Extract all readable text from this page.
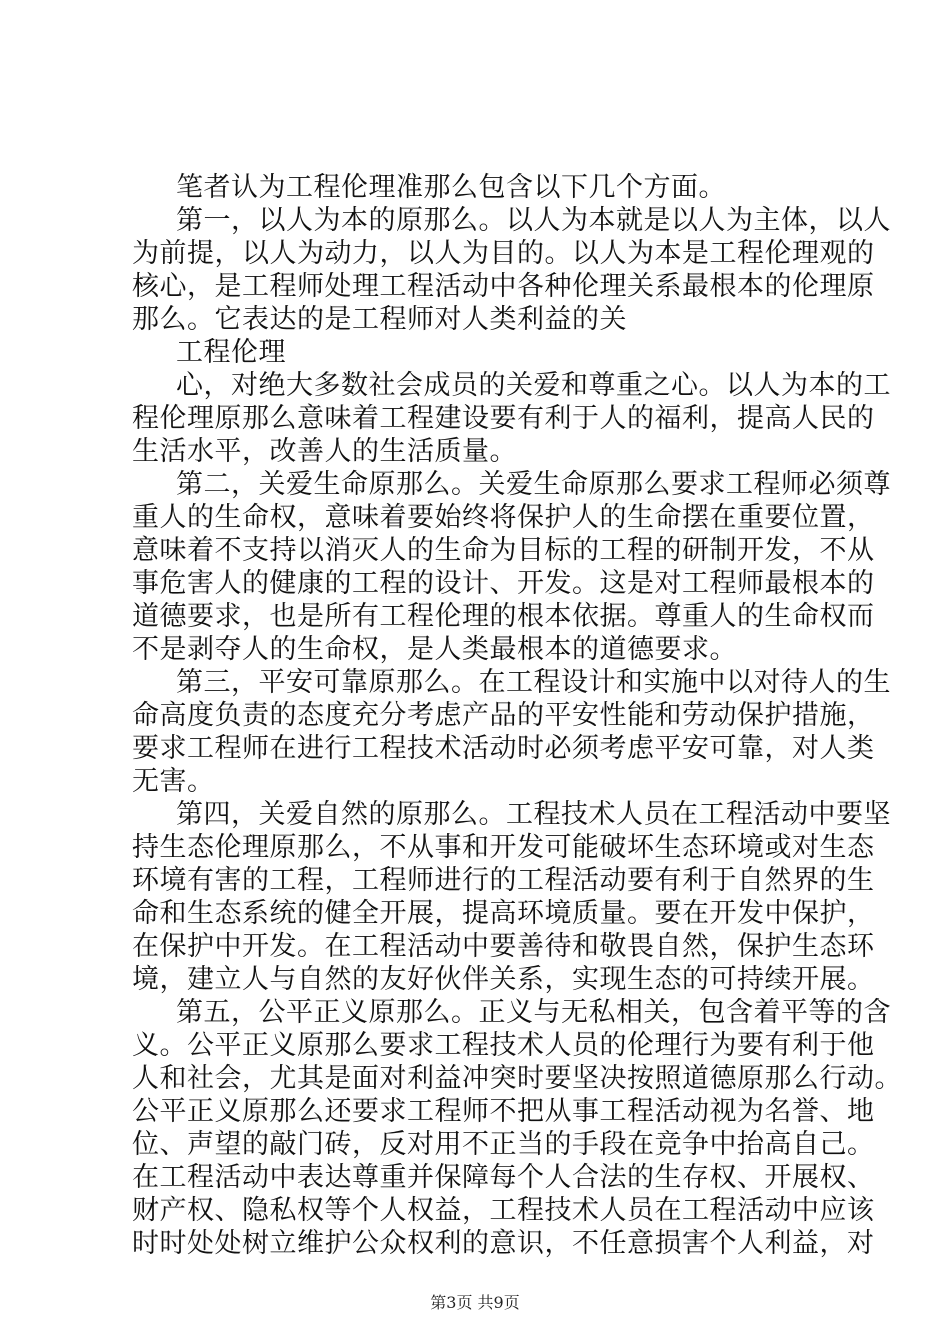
笔者认为工程伦理准那么包含以下几个方面。
第一，以人为本的原那么。以人为本就是以人为主体，以人
为前提，以人为动力，以人为目的。以人为本是工程伦理观的
核心，是工程师处理工程活动中各种伦理关系最根本的伦理原
那么。它表达的是工程师对人类利益的关
工程伦理
心，对绝大多数社会成员的关爱和尊重之心。以人为本的工
程伦理原那么意味着工程建设要有利于人的福利，提高人民的
生活水平，改善人的生活质量。
第二，关爱生命原那么。关爱生命原那么要求工程师必须尊
重人的生命权，意味着要始终将保护人的生命摆在重要位置，
意味着不支持以消灭人的生命为目标的工程的研制开发，不从
事危害人的健康的工程的设计、开发。这是对工程师最根本的
道德要求，也是所有工程伦理的根本依据。尊重人的生命权而
不是剥夺人的生命权，是人类最根本的道德要求。
第三，平安可靠原那么。在工程设计和实施中以对待人的生
命高度负责的态度充分考虑产品的平安性能和劳动保护措施，
要求工程师在进行工程技术活动时必须考虑平安可靠，对人类
无害。
第四，关爱自然的原那么。工程技术人员在工程活动中要坚
持生态伦理原那么，不从事和开发可能破坏生态环境或对生态
环境有害的工程，工程师进行的工程活动要有利于自然界的生
命和生态系统的健全开展，提高环境质量。要在开发中保护，
在保护中开发。在工程活动中要善待和敬畏自然，保护生态环
境，建立人与自然的友好伙伴关系，实现生态的可持续开展。
第五，公平正义原那么。正义与无私相关，包含着平等的含
义。公平正义原那么要求工程技术人员的伦理行为要有利于他
人和社会，尤其是面对利益冲突时要坚决按照道德原那么行动。
公平正义原那么还要求工程师不把从事工程活动视为名誉、地
位、声望的敲门砖，反对用不正当的手段在竞争中抬高自己。
在工程活动中表达尊重并保障每个人合法的生存权、开展权、
财产权、隐私权等个人权益，工程技术人员在工程活动中应该
时时处处树立维护公众权利的意识，不任意损害个人利益，对
第3页 共9页
